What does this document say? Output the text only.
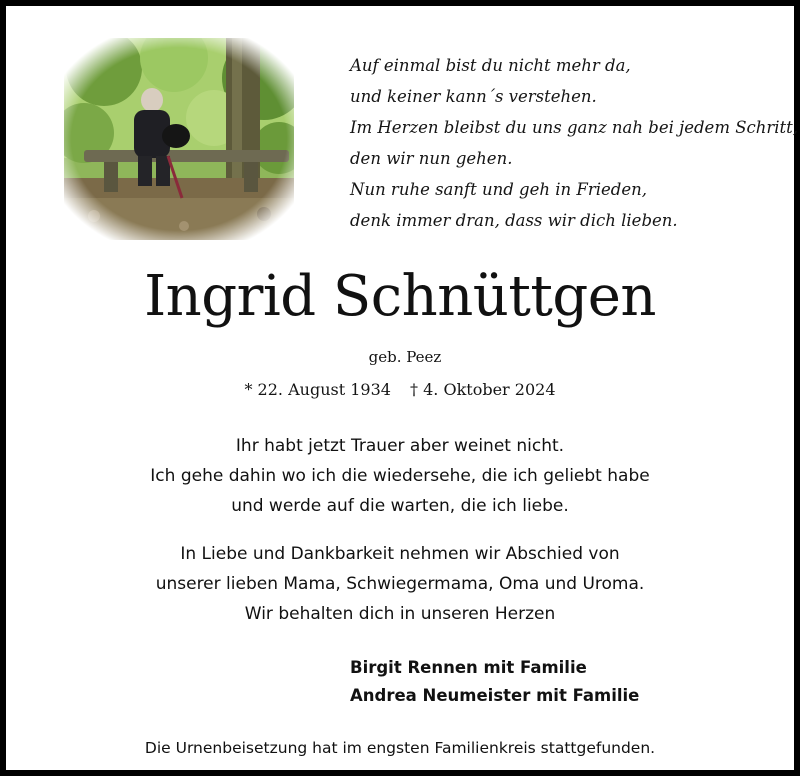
Auf einmal bist du nicht mehr da,
und keiner kann´s verstehen.
Im Herzen bleibst du uns ganz nah bei jedem Schritt,
den wir nun gehen.
Nun ruhe sanft und geh in Frieden,
denk immer dran, dass wir dich lieben.
Ingrid Schnüttgen
geb. Peez
* 22. August 1934 † 4. Oktober 2024
Ihr habt jetzt Trauer aber weinet nicht.
Ich gehe dahin wo ich die wiedersehe, die ich geliebt habe
und werde auf die warten, die ich liebe.
In Liebe und Dankbarkeit nehmen wir Abschied von
unserer lieben Mama, Schwiegermama, Oma und Uroma.
Wir behalten dich in unseren Herzen
Birgit Rennen mit Familie
Andrea Neumeister mit Familie
Die Urnenbeisetzung hat im engsten Familienkreis stattgefunden.
